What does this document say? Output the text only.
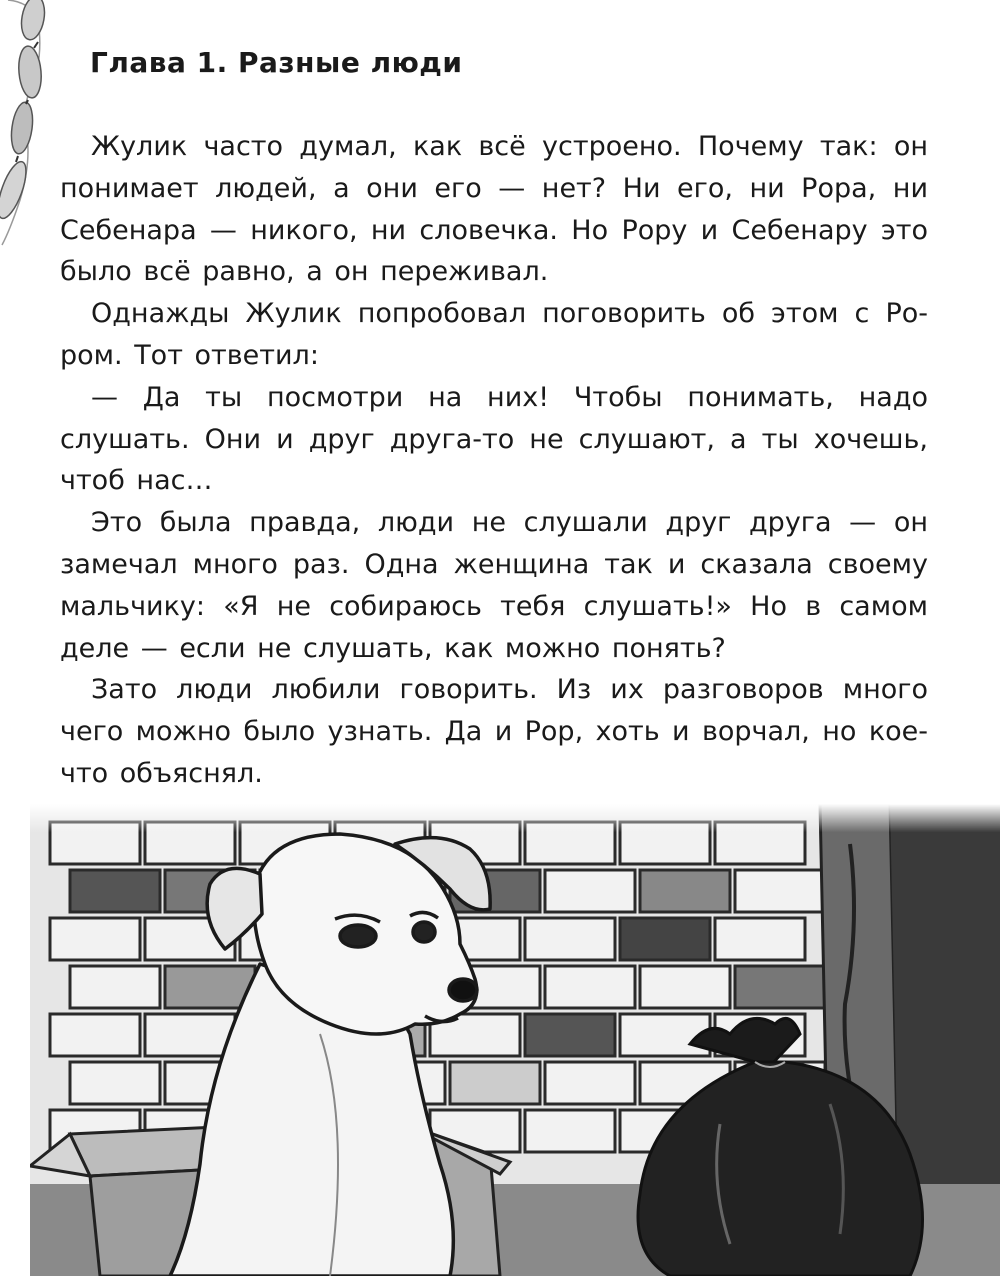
Глава 1. Разные люди

Жулик часто думал, как всё устроено. Почему так: он понимает людей, а они его — нет? Ни его, ни Рора, ни Себенара — никого, ни словечка. Но Рору и Себенару это было всё равно, а он переживал.

Однажды Жулик попробовал поговорить об этом с Рором. Тот ответил:

— Да ты посмотри на них! Чтобы понимать, надо слушать. Они и друг друга-то не слушают, а ты хочешь, чтоб нас…

Это была правда, люди не слушали друг друга — он замечал много раз. Одна женщина так и сказала своему мальчику: «Я не собираюсь тебя слушать!» Но в самом деле — если не слушать, как можно понять?

Зато люди любили говорить. Из их разговоров много чего можно было узнать. Да и Рор, хоть и ворчал, но кое-что объяснял.
